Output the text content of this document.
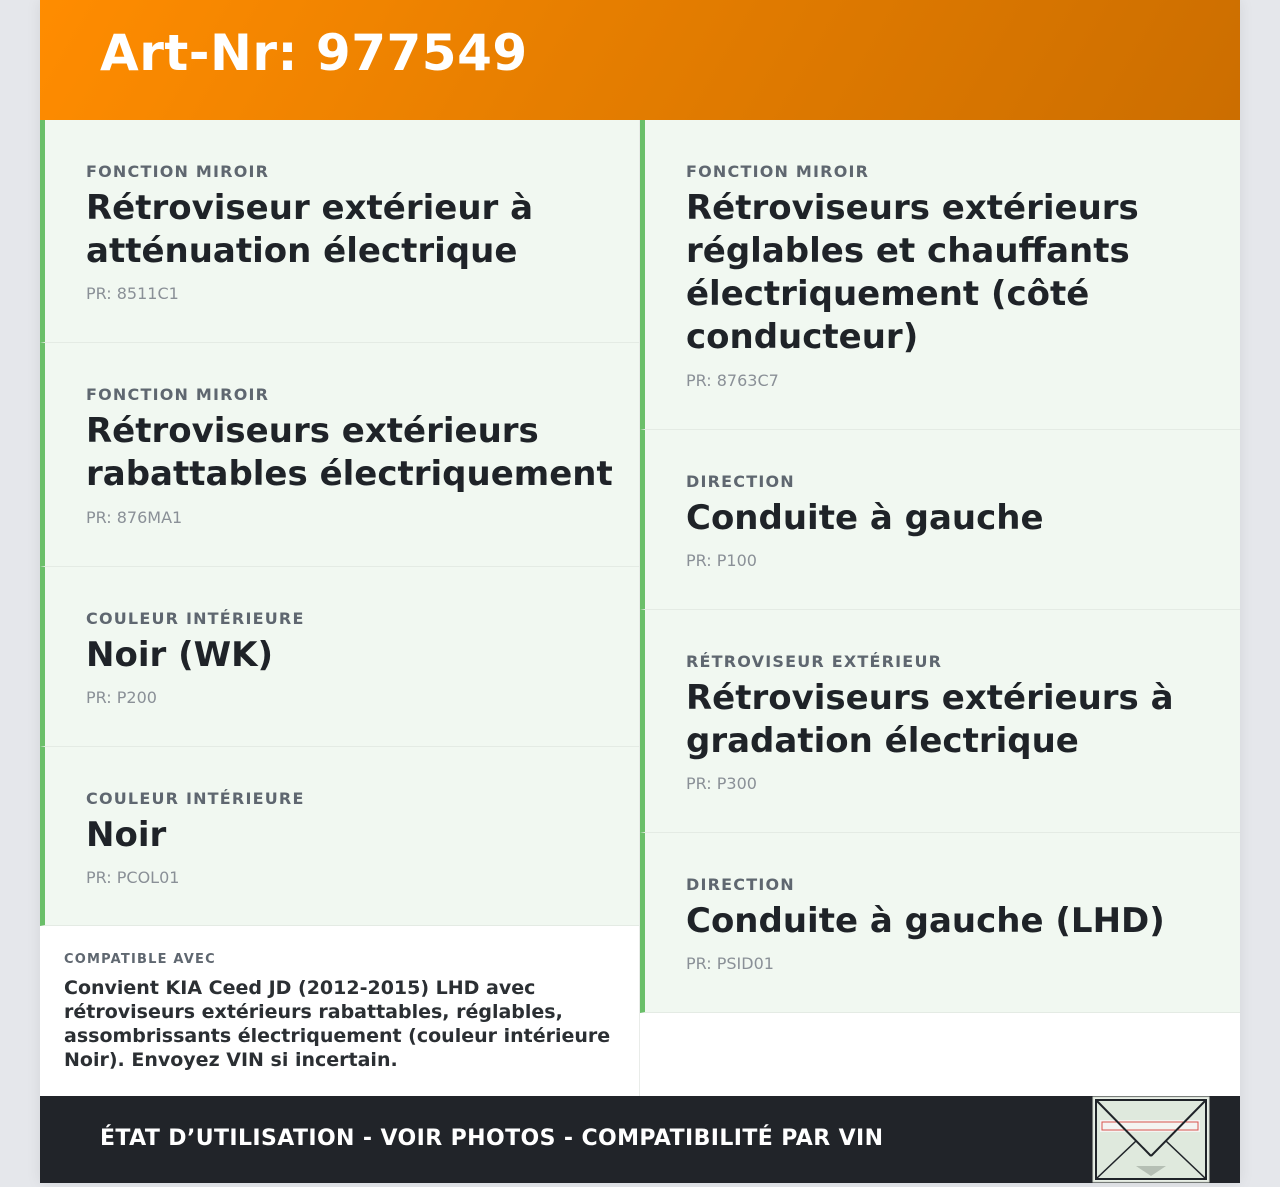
Art-Nr: 977549
FONCTION MIROIR
Rétroviseur extérieur à atténuation électrique
PR: 8511C1
FONCTION MIROIR
Rétroviseurs extérieurs rabattables électriquement
PR: 876MA1
COULEUR INTÉRIEURE
Noir (WK)
PR: P200
COULEUR INTÉRIEURE
Noir
PR: PCOL01
FONCTION MIROIR
Rétroviseurs extérieurs réglables et chauffants électriquement (côté conducteur)
PR: 8763C7
DIRECTION
Conduite à gauche
PR: P100
RÉTROVISEUR EXTÉRIEUR
Rétroviseurs extérieurs à gradation électrique
PR: P300
DIRECTION
Conduite à gauche (LHD)
PR: PSID01
COMPATIBLE AVEC
Convient KIA Ceed JD (2012-2015) LHD avec rétroviseurs extérieurs rabattables, réglables, assombrissants électriquement (couleur intérieure Noir). Envoyez VIN si incertain.
ÉTAT D’UTILISATION - VOIR PHOTOS - COMPATIBILITÉ PAR VIN
